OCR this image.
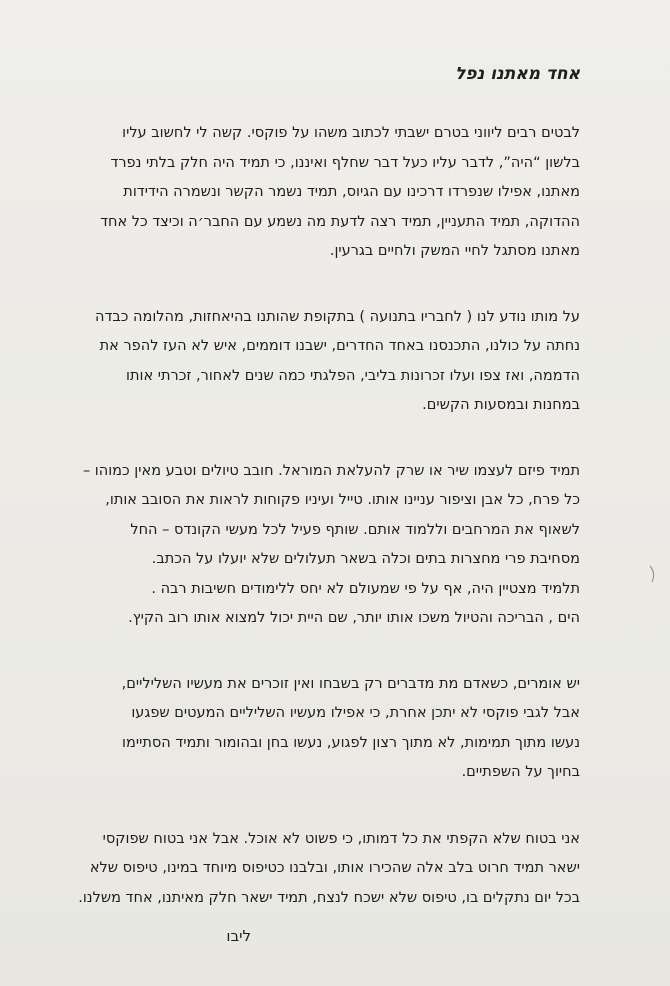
אחד מאתנו נפל

לבטים רבים ליווני בטרם ישבתי לכתוב משהו על פוקסי. קשה לי לחשוב עליו
בלשון “היה”, לדבר עליו כעל דבר שחלף ואיננו, כי תמיד היה חלק בלתי נפרד
מאתנו, אפילו שנפרדו דרכינו עם הגיוס, תמיד נשמר הקשר ונשמרה הידידות
ההדוקה, תמיד התעניין, תמיד רצה לדעת מה נשמע עם החבר׳ה וכיצד כל אחד
מאתנו מסתגל לחיי המשק ולחיים בגרעין.

על מותו נודע לנו ( לחבריו בתנועה ) בתקופת שהותנו בהיאחזות, מהלומה כבדה
נחתה על כולנו, התכנסנו באחד החדרים, ישבנו דוממים, איש לא העז להפר את
הדממה, ואז צפו ועלו זכרונות בליבי, הפלגתי כמה שנים לאחור, זכרתי אותו
במחנות ובמסעות הקשים.

תמיד פיזם לעצמו שיר או שרק להעלאת המוראל. חובב טיולים וטבע מאין כמוהו –
כל פרח, כל אבן וציפור עניינו אותו. טייל ועיניו פקוחות לראות את הסובב אותו,
לשאוף את המרחבים וללמוד אותם. שותף פעיל לכל מעשי הקונדס – החל
מסחיבת פרי מחצרות בתים וכלה בשאר תעלולים שלא יועלו על הכתב.
תלמיד מצטיין היה, אף על פי שמעולם לא יחס ללימודים חשיבות רבה .
הים , הבריכה והטיול משכו אותו יותר, שם היית יכול למצוא אותו רוב הקיץ.

יש אומרים, כשאדם מת מדברים רק בשבחו ואין זוכרים את מעשיו השליליים,
אבל לגבי פוקסי לא יתכן אחרת, כי אפילו מעשיו השליליים המעטים שפגעו
נעשו מתוך תמימות, לא מתוך רצון לפגוע, נעשו בחן ובהומור ותמיד הסתיימו
בחיוך על השפתיים.

אני בטוח שלא הקפתי את כל דמותו, כי פשוט לא אוכל. אבל אני בטוח שפוקסי
ישאר תמיד חרוט בלב אלה שהכירו אותו, ובלבנו כטיפוס מיוחד במינו, טיפוס שלא
בכל יום נתקלים בו, טיפוס שלא ישכח לנצח, תמיד ישאר חלק מאיתנו, אחד משלנו.

ליבו
